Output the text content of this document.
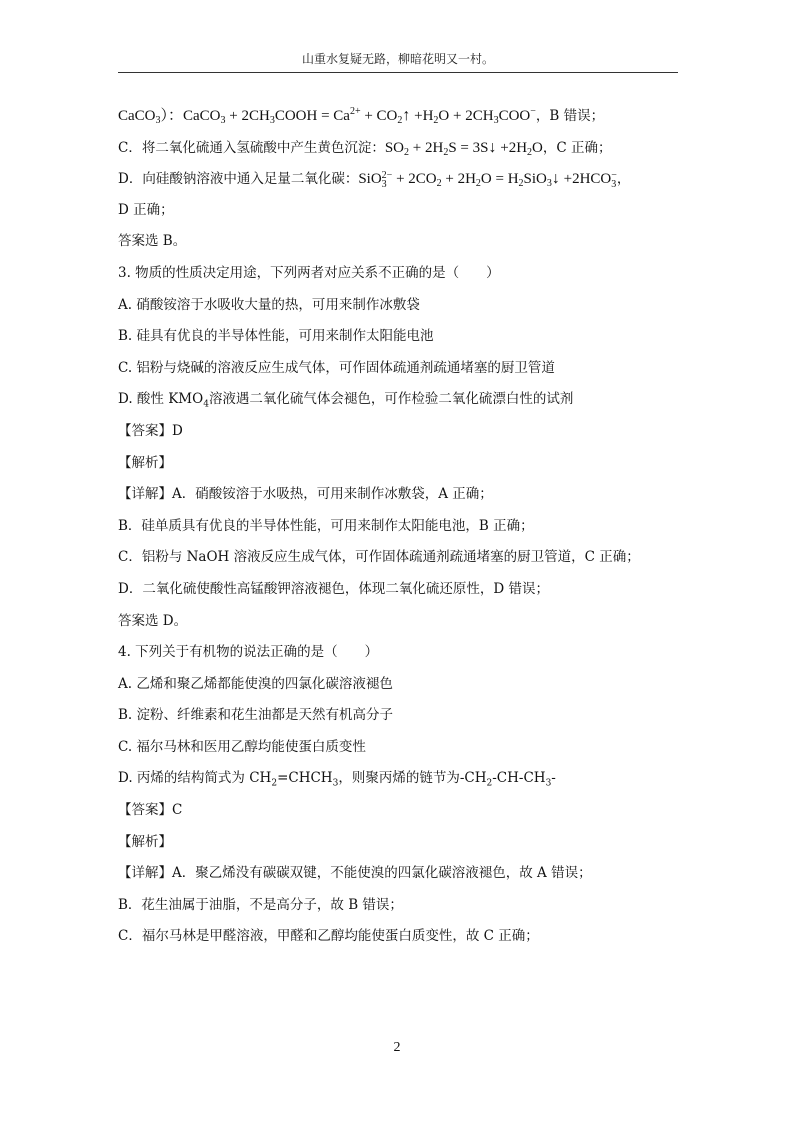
山重水复疑无路，柳暗花明又一村。
CaCO$_3$）：CaCO$_3$ + $2CH_3COOH = Ca^{2+}$ + $CO_2↑ +H_2O + 2CH_3COO^-$，B 错误；
C．将二氧化硫通入氢硫酸中产生黄色沉淀：$SO_2 + 2H_2S$ = 3S↓ $+2H_2O$，C 正确；
D．向硅酸钠溶液中通入足量二氧化碳：SiO 2−
$3 + 2CO_2 + 2H_2O$ = $H_2SiO_3↓ +2HCO$ −
3 ，
D 正确；
答案选 B。
3. 物质的性质决定用途，下列两者对应关系不正确的是（　　）
A. 硝酸铵溶于水吸收大量的热，可用来制作冰敷袋
B. 硅具有优良的半导体性能，可用来制作太阳能电池
C. 铝粉与烧碱的溶液反应生成气体，可作固体疏通剂疏通堵塞的厨卫管道
D. 酸性 $KMO_4$溶液遇二氧化硫气体会褪色，可作检验二氧化硫漂白性的试剂
【答案】D
【解析】
【详解】A．硝酸铵溶于水吸热，可用来制作冰敷袋，A 正确；
B．硅单质具有优良的半导体性能，可用来制作太阳能电池，B 正确；
C．铝粉与 NaOH 溶液反应生成气体，可作固体疏通剂疏通堵塞的厨卫管道，C 正确；
D．二氧化硫使酸性高锰酸钾溶液褪色，体现二氧化硫还原性，D 错误；
答案选 D。
4. 下列关于有机物的说法正确的是（　　）
A. 乙烯和聚乙烯都能使溴的四氯化碳溶液褪色
B. 淀粉、纤维素和花生油都是天然有机高分子
C. 福尔马林和医用乙醇均能使蛋白质变性
D. 丙烯的结构简式为 $CH_2=CHCH_3$，则聚丙烯的链节为$-CH_2-CH-CH_3-$
【答案】C
【解析】
【详解】A．聚乙烯没有碳碳双键，不能使溴的四氯化碳溶液褪色，故 A 错误；
B．花生油属于油脂，不是高分子，故 B 错误；
C．福尔马林是甲醛溶液，甲醛和乙醇均能使蛋白质变性，故 C 正确；
2
